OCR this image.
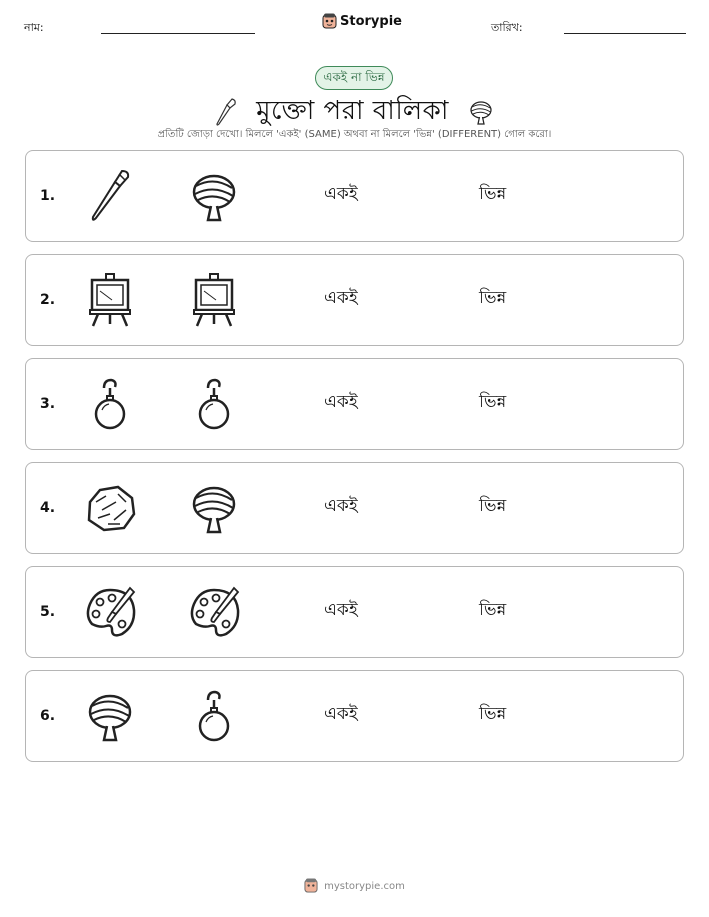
নাম:	Storypie	তারিখ:
একই না ভিন্ন
মুক্তো পরা বালিকা
প্রতিটি জোড়া দেখো। মিললে 'একই' (SAME) অথবা না মিললে 'ভিন্ন' (DIFFERENT) গোল করো।
1.	একই	ভিন্ন
2.	একই	ভিন্ন
3.	একই	ভিন্ন
4.	একই	ভিন্ন
5.	একই	ভিন্ন
6.	একই	ভিন্ন
mystorypie.com
